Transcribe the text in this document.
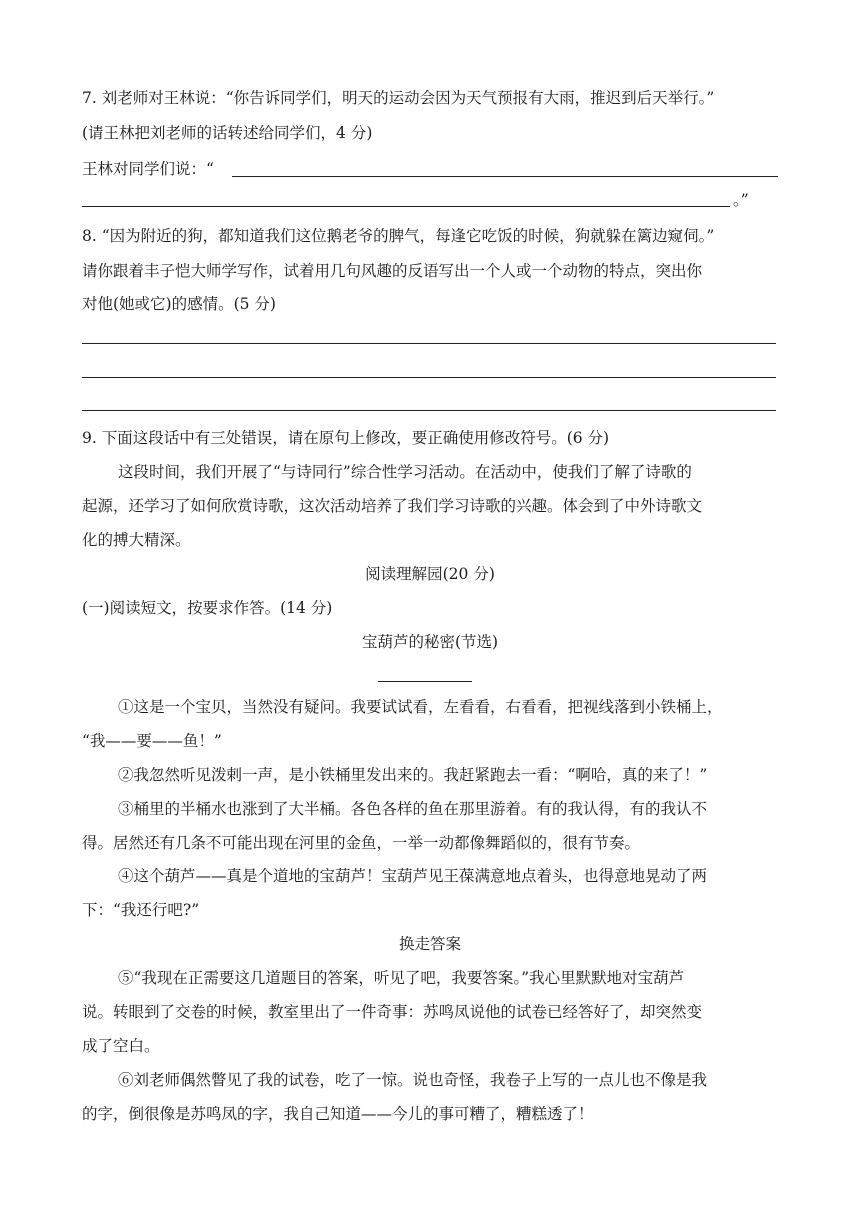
7. 刘老师对王林说：“你告诉同学们，明天的运动会因为天气预报有大雨，推迟到后天举行。”
(请王林把刘老师的话转述给同学们，4 分)
王林对同学们说：“
。”
8. “因为附近的狗，都知道我们这位鹅老爷的脾气，每逢它吃饭的时候，狗就躲在篱边窥伺。”
请你跟着丰子恺大师学写作，试着用几句风趣的反语写出一个人或一个动物的特点，突出你
对他(她或它)的感情。(5 分)
9. 下面这段话中有三处错误，请在原句上修改，要正确使用修改符号。(6 分)
这段时间，我们开展了“与诗同行”综合性学习活动。在活动中，使我们了解了诗歌的
起源，还学习了如何欣赏诗歌，这次活动培养了我们学习诗歌的兴趣。体会到了中外诗歌文
化的搏大精深。
阅读理解园(20 分)
(一)阅读短文，按要求作答。(14 分)
宝葫芦的秘密(节选)
①这是一个宝贝，当然没有疑问。我要试试看，左看看，右看看，把视线落到小铁桶上，
“我——要——鱼！”
②我忽然听见泼剌一声，是小铁桶里发出来的。我赶紧跑去一看：“啊哈，真的来了！”
③桶里的半桶水也涨到了大半桶。各色各样的鱼在那里游着。有的我认得，有的我认不
得。居然还有几条不可能出现在河里的金鱼，一举一动都像舞蹈似的，很有节奏。
④这个葫芦——真是个道地的宝葫芦！宝葫芦见王葆满意地点着头，也得意地晃动了两
下：“我还行吧?”
换走答案
⑤“我现在正需要这几道题目的答案，听见了吧，我要答案。”我心里默默地对宝葫芦
说。转眼到了交卷的时候，教室里出了一件奇事：苏鸣凤说他的试卷已经答好了，却突然变
成了空白。
⑥刘老师偶然瞥见了我的试卷，吃了一惊。说也奇怪，我卷子上写的一点儿也不像是我
的字，倒很像是苏鸣凤的字，我自己知道——今儿的事可糟了，糟糕透了！
